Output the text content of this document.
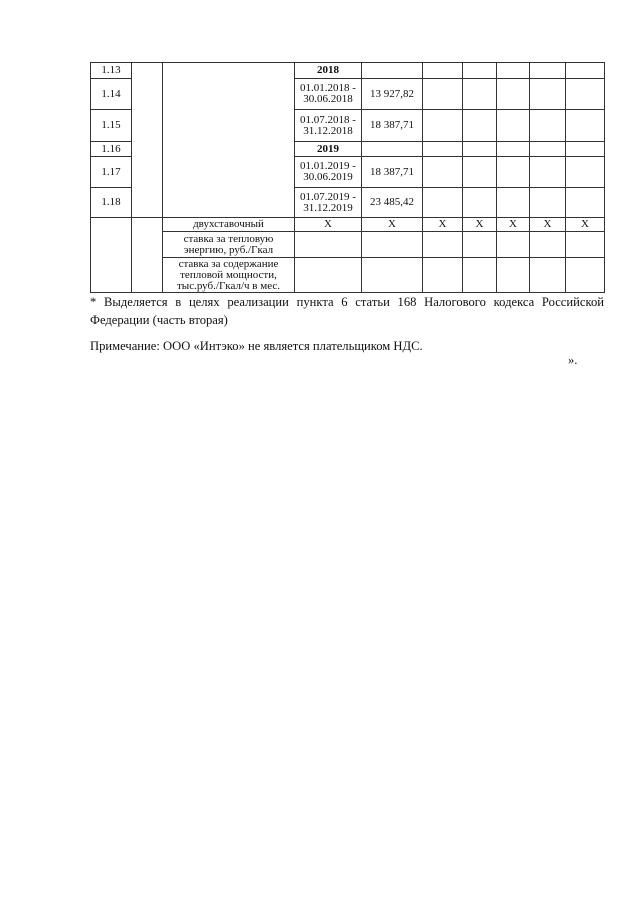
1.13			2018						
1.14			01.01.2018 - 30.06.2018	13 927,82					
1.15			01.07.2018 - 31.12.2018	18 387,71					
1.16			2019						
1.17			01.01.2019 - 30.06.2019	18 387,71					
1.18			01.07.2019 - 31.12.2019	23 485,42					
		двухставочный	X	X	X	X	X	X	X
		ставка за тепловую энергию, руб./Гкал							
		ставка за содержание тепловой мощности, тыс.руб./Гкал/ч в мес.							

* Выделяется в целях реализации пункта 6 статьи 168 Налогового кодекса Российской Федерации (часть вторая)

Примечание: ООО «Интэко» не является плательщиком НДС.

».
